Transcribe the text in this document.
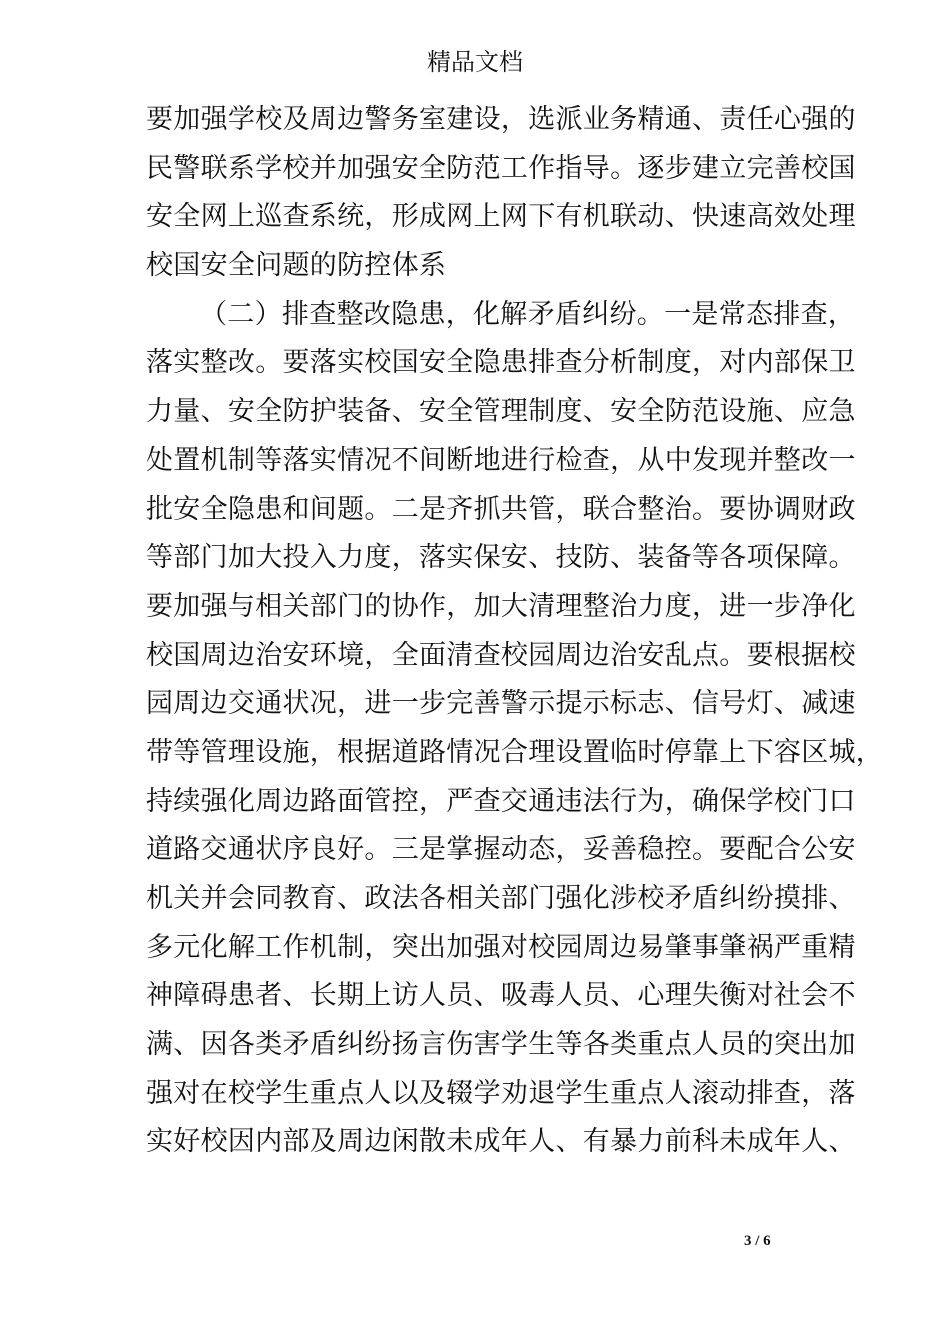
精品文档
要加强学校及周边警务室建设，选派业务精通、责任心强的
民警联系学校并加强安全防范工作指导。逐步建立完善校国
安全网上巡查系统，形成网上网下有机联动、快速高效处理
校国安全问题的防控体系
（二）排查整改隐患，化解矛盾纠纷。一是常态排查，
落实整改。要落实校国安全隐患排查分析制度，对内部保卫
力量、安全防护装备、安全管理制度、安全防范设施、应急
处置机制等落实情况不间断地进行检查，从中发现并整改一
批安全隐患和间题。二是齐抓共管，联合整治。要协调财政
等部门加大投入力度，落实保安、技防、装备等各项保障。
要加强与相关部门的协作，加大清理整治力度，进一步净化
校国周边治安环境，全面清查校园周边治安乱点。要根据校
园周边交通状况，进一步完善警示提示标志、信号灯、减速
带等管理设施，根据道路情况合理设置临时停靠上下容区城，
持续强化周边路面管控，严查交通违法行为，确保学校门口
道路交通状序良好。三是掌握动态，妥善稳控。要配合公安
机关并会同教育、政法各相关部门强化涉校矛盾纠纷摸排、
多元化解工作机制，突出加强对校园周边易肇事肇祸严重精
神障碍患者、长期上访人员、吸毒人员、心理失衡对社会不
满、因各类矛盾纠纷扬言伤害学生等各类重点人员的突出加
强对在校学生重点人以及辍学劝退学生重点人滚动排查，落
实好校因内部及周边闲散未成年人、有暴力前科未成年人、
3 / 6
